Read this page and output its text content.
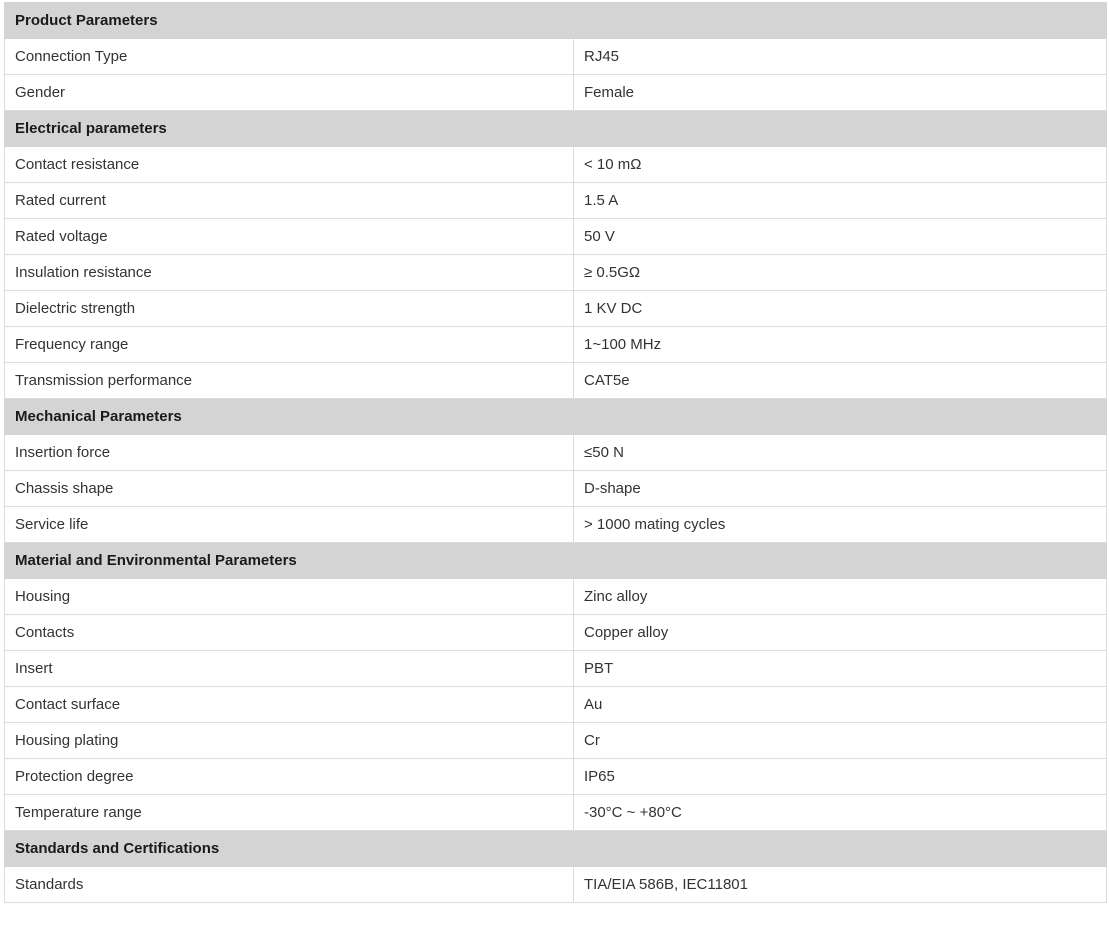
Product Parameters	
Connection Type	RJ45
Gender	Female
Electrical parameters	
Contact resistance	< 10 mΩ
Rated current	1.5 A
Rated voltage	50 V
Insulation resistance	≥ 0.5GΩ
Dielectric strength	1 KV DC
Frequency range	1~100 MHz
Transmission performance	CAT5e
Mechanical Parameters	
Insertion force	≤50 N
Chassis shape	D-shape
Service life	> 1000 mating cycles
Material and Environmental Parameters	
Housing	Zinc alloy
Contacts	Copper alloy
Insert	PBT
Contact surface	Au
Housing plating	Cr
Protection degree	IP65
Temperature range	-30°C ~ +80°C
Standards and Certifications	
Standards	TIA/EIA 586B, IEC11801
